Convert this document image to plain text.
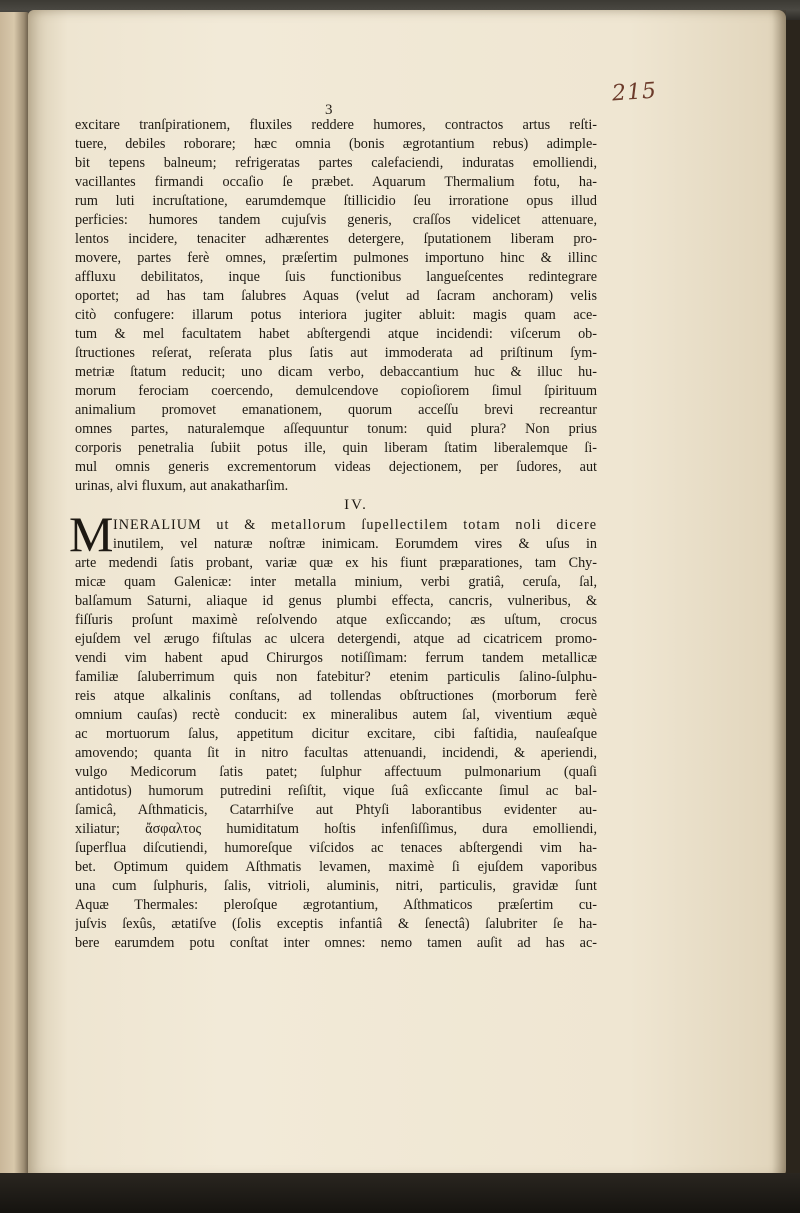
215
3
excitare tranſpirationem, fluxiles reddere humores, contractos artus reſti-
tuere, debiles roborare; hæc omnia (bonis ægrotantium rebus) adimple-
bit tepens balneum; refrigeratas partes calefaciendi, induratas emolliendi,
vacillantes firmandi occaſio ſe præbet. Aquarum Thermalium fotu, ha-
rum luti incruſtatione, earumdemque ſtillicidio ſeu irroratione opus illud
perficies: humores tandem cujuſvis generis, craſſos videlicet attenuare,
lentos incidere, tenaciter adhærentes detergere, ſputationem liberam pro-
movere, partes ferè omnes, præſertim pulmones importuno hinc & illinc
affluxu debilitatos, inque ſuis functionibus langueſcentes redintegrare
oportet; ad has tam ſalubres Aquas (velut ad ſacram anchoram) velis
citò confugere: illarum potus interiora jugiter abluit: magis quam ace-
tum & mel facultatem habet abſtergendi atque incidendi: viſcerum ob-
ſtructiones reſerat, reſerata plus ſatis aut immoderata ad priſtinum ſym-
metriæ ſtatum reducit; uno dicam verbo, debaccantium huc & illuc hu-
morum ferociam coercendo, demulcendove copioſiorem ſimul ſpirituum
animalium promovet emanationem, quorum acceſſu brevi recreantur
omnes partes, naturalemque aſſequuntur tonum: quid plura? Non prius
corporis penetralia ſubiit potus ille, quin liberam ſtatim liberalemque ſi-
mul omnis generis excrementorum videas dejectionem, per ſudores, aut
urinas, alvi fluxum, aut anakatharſim.
IV.
M INERALIUM ut & metallorum ſupellectilem totam noli dicere
inutilem, vel naturæ noſtræ inimicam. Eorumdem vires & uſus in
arte medendi ſatis probant, variæ quæ ex his fiunt præparationes, tam Chy-
micæ quam Galenicæ: inter metalla minium, verbi gratiâ, ceruſa, ſal,
balſamum Saturni, aliaque id genus plumbi effecta, cancris, vulneribus, &
fiſſuris proſunt maximè reſolvendo atque exſiccando; æs uſtum, crocus
ejuſdem vel ærugo fiſtulas ac ulcera detergendi, atque ad cicatricem promo-
vendi vim habent apud Chirurgos notiſſimam: ferrum tandem metallicæ
familiæ ſaluberrimum quis non fatebitur? etenim particulis ſalino-ſulphu-
reis atque alkalinis conſtans, ad tollendas obſtructiones (morborum ferè
omnium cauſas) rectè conducit: ex mineralibus autem ſal, viventium æquè
ac mortuorum ſalus, appetitum dicitur excitare, cibi faſtidia, nauſeaſque
amovendo; quanta ſit in nitro facultas attenuandi, incidendi, & aperiendi,
vulgo Medicorum ſatis patet; ſulphur affectuum pulmonarium (quaſi
antidotus) humorum putredini reſiſtit, vique ſuâ exſiccante ſimul ac bal-
ſamicâ, Aſthmaticis, Catarrhiſve aut Phtyſi laborantibus evidenter au-
xiliatur; ἄσφαλτος humiditatum hoſtis infenſiſſimus, dura emolliendi,
ſuperflua diſcutiendi, humoreſque viſcidos ac tenaces abſtergendi vim ha-
bet. Optimum quidem Aſthmatis levamen, maximè ſi ejuſdem vaporibus
una cum ſulphuris, ſalis, vitrioli, aluminis, nitri, particulis, gravidæ ſunt
Aquæ Thermales: pleroſque ægrotantium, Aſthmaticos præſertim cu-
juſvis ſexûs, ætatiſve (ſolis exceptis infantiâ & ſenectâ) ſalubriter ſe ha-
bere earumdem potu conſtat inter omnes: nemo tamen auſit ad has ac-
